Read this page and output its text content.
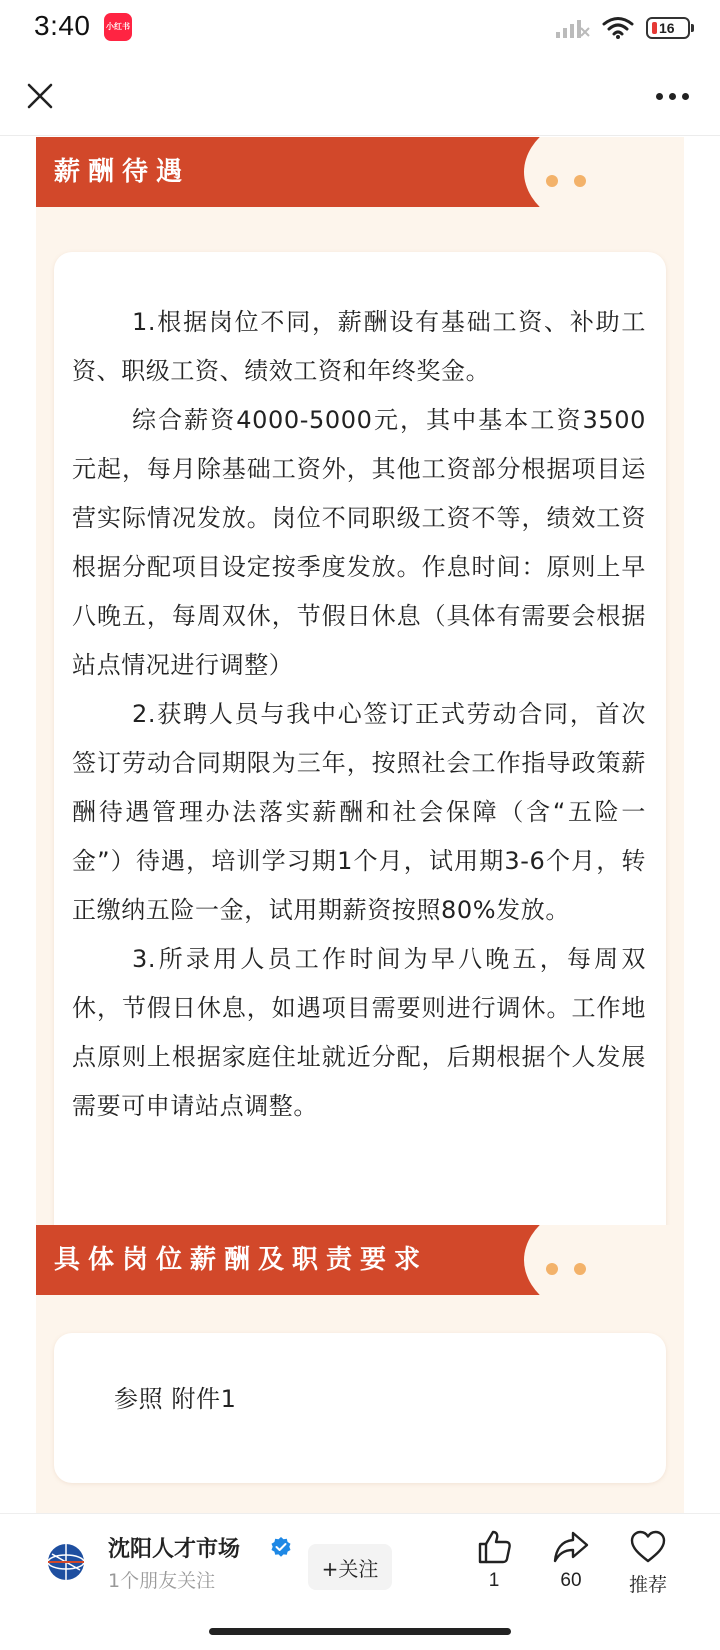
3:40 小红书	16
薪酬待遇

1.根据岗位不同，薪酬设有基础工资、补助工资、职级工资、绩效工资和年终奖金。

综合薪资4000-5000元，其中基本工资3500元起，每月除基础工资外，其他工资部分根据项目运营实际情况发放。岗位不同职级工资不等，绩效工资根据分配项目设定按季度发放。作息时间：原则上早八晚五，每周双休，节假日休息（具体有需要会根据站点情况进行调整）

2.获聘人员与我中心签订正式劳动合同，首次签订劳动合同期限为三年，按照社会工作指导政策薪酬待遇管理办法落实薪酬和社会保障（含“五险一金”）待遇，培训学习期1个月，试用期3-6个月，转正缴纳五险一金，试用期薪资按照80%发放。

3.所录用人员工作时间为早八晚五，每周双休，节假日休息，如遇项目需要则进行调休。工作地点原则上根据家庭住址就近分配，后期根据个人发展需要可申请站点调整。

具体岗位薪酬及职责要求

参照 附件1

沈阳人才市场
1个朋友关注
+关注	1	60	推荐
